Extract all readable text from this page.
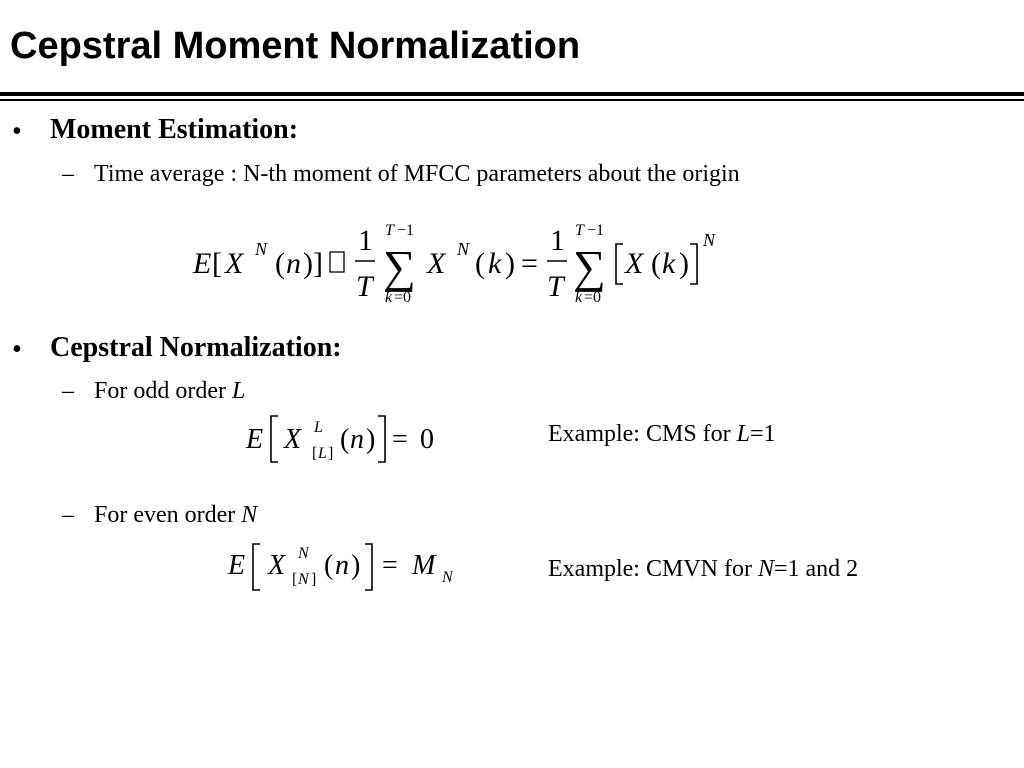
Cepstral Moment Normalization
• Moment Estimation:
– Time average : N-th moment of MFCC parameters about the origin
E [ X N ( n )]
1
T
T −1
∑
k =0
X N ( k ) =
1
T
T −1
∑
k =0
X ( k )
N
• Cepstral Normalization:
– For odd order L
E X L
[ L ] ( n ) = 0	Example: CMS for L=1
– For even order N
E X N
[ N ] ( n ) = M N	Example: CMVN for N=1 and 2
